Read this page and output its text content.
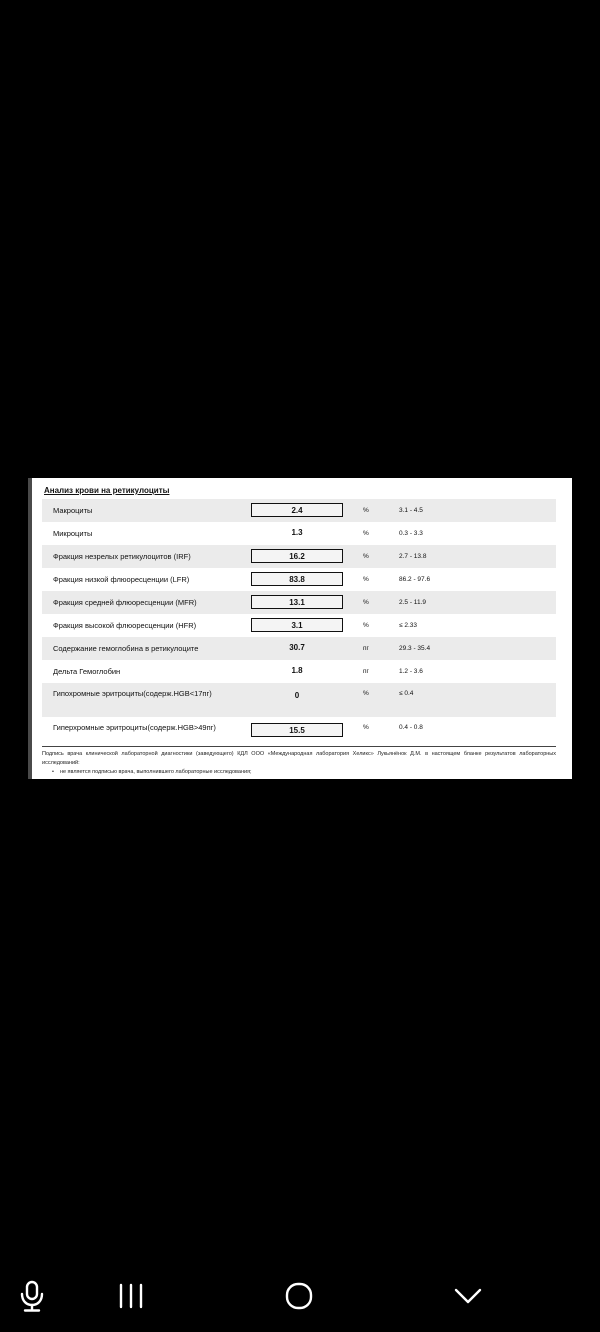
Анализ крови на ретикулоциты
Макроциты	2.4	%	3.1 - 4.5
Микроциты	1.3	%	0.3 - 3.3
Фракция незрелых ретикулоцитов (IRF)	16.2	%	2.7 - 13.8
Фракция низкой флюоресценции (LFR)	83.8	%	86.2 - 97.6
Фракция средней флюоресценции (MFR)	13.1	%	2.5 - 11.9
Фракция высокой флюоресценции (HFR)	3.1	%	≤ 2.33
Содержание гемоглобина в ретикулоците	30.7	пг	29.3 - 35.4
Дельта Гемоглобин	1.8	пг	1.2 - 3.6
Гипохромные эритроциты(содерж.HGB<17пг)	0	%	≤ 0.4
Гиперхромные эритроциты(содерж.HGB>49пг)	15.5	%	0.4 - 0.8
Подпись врача клинической лабораторной диагностики (заведующего) КДЛ ООО «Международная лаборатория Хеликс» Лукьянёнок Д.М. в настоящем бланке результатов лабораторных исследований:
• не является подписью врача, выполнившего лабораторные исследования;
